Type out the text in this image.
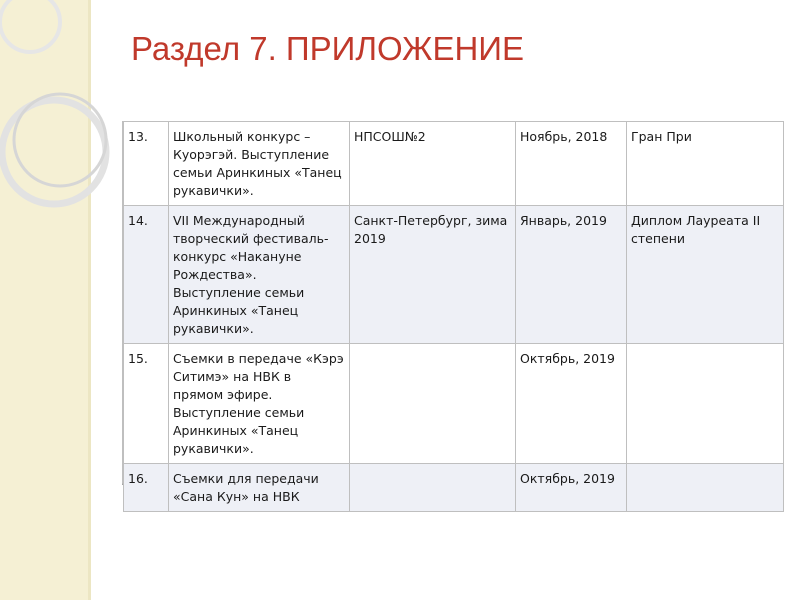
Раздел 7. ПРИЛОЖЕНИЕ
13.	Школьный конкурс – Куорэгэй. Выступление семьи Аринкиных «Танец рукавички».	НПСОШ№2	Ноябрь, 2018	Гран При
14.	VII Международный творческий фестиваль-конкурс «Накануне Рождества». Выступление семьи Аринкиных «Танец рукавички».	Санкт-Петербург, зима 2019	Январь, 2019	Диплом Лауреата II степени
15.	Съемки в передаче «Кэрэ Ситимэ» на НВК в прямом эфире. Выступление семьи Аринкиных «Танец рукавички».		Октябрь, 2019	
16.	Съемки для передачи «Сана Кун» на НВК		Октябрь, 2019	
